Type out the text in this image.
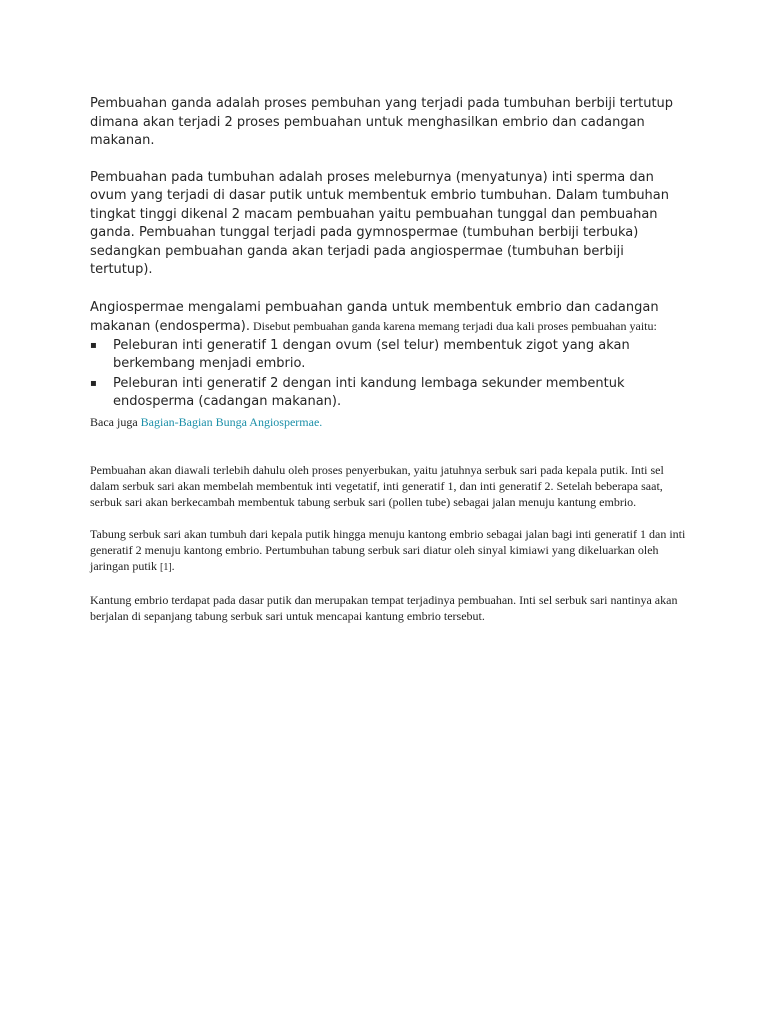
Pembuahan ganda adalah proses pembuhan yang terjadi pada tumbuhan berbiji tertutup dimana akan terjadi 2 proses pembuahan untuk menghasilkan embrio dan cadangan makanan.

Pembuahan pada tumbuhan adalah proses meleburnya (menyatunya) inti sperma dan ovum yang terjadi di dasar putik untuk membentuk embrio tumbuhan. Dalam tumbuhan tingkat tinggi dikenal 2 macam pembuahan yaitu pembuahan tunggal dan pembuahan ganda. Pembuahan tunggal terjadi pada gymnospermae (tumbuhan berbiji terbuka) sedangkan pembuahan ganda akan terjadi pada angiospermae (tumbuhan berbiji tertutup).

Angiospermae mengalami pembuahan ganda untuk membentuk embrio dan cadangan makanan (endosperma). Disebut pembuahan ganda karena memang terjadi dua kali proses pembuahan yaitu:

▪ Peleburan inti generatif 1 dengan ovum (sel telur) membentuk zigot yang akan berkembang menjadi embrio.
▪ Peleburan inti generatif 2 dengan inti kandung lembaga sekunder membentuk endosperma (cadangan makanan).

Baca juga Bagian-Bagian Bunga Angiospermae.

Pembuahan akan diawali terlebih dahulu oleh proses penyerbukan, yaitu jatuhnya serbuk sari pada kepala putik. Inti sel dalam serbuk sari akan membelah membentuk inti vegetatif, inti generatif 1, dan inti generatif 2. Setelah beberapa saat, serbuk sari akan berkecambah membentuk tabung serbuk sari (pollen tube) sebagai jalan menuju kantung embrio.

Tabung serbuk sari akan tumbuh dari kepala putik hingga menuju kantong embrio sebagai jalan bagi inti generatif 1 dan inti generatif 2 menuju kantong embrio. Pertumbuhan tabung serbuk sari diatur oleh sinyal kimiawi yang dikeluarkan oleh jaringan putik [1].

Kantung embrio terdapat pada dasar putik dan merupakan tempat terjadinya pembuahan. Inti sel serbuk sari nantinya akan berjalan di sepanjang tabung serbuk sari untuk mencapai kantung embrio tersebut.
